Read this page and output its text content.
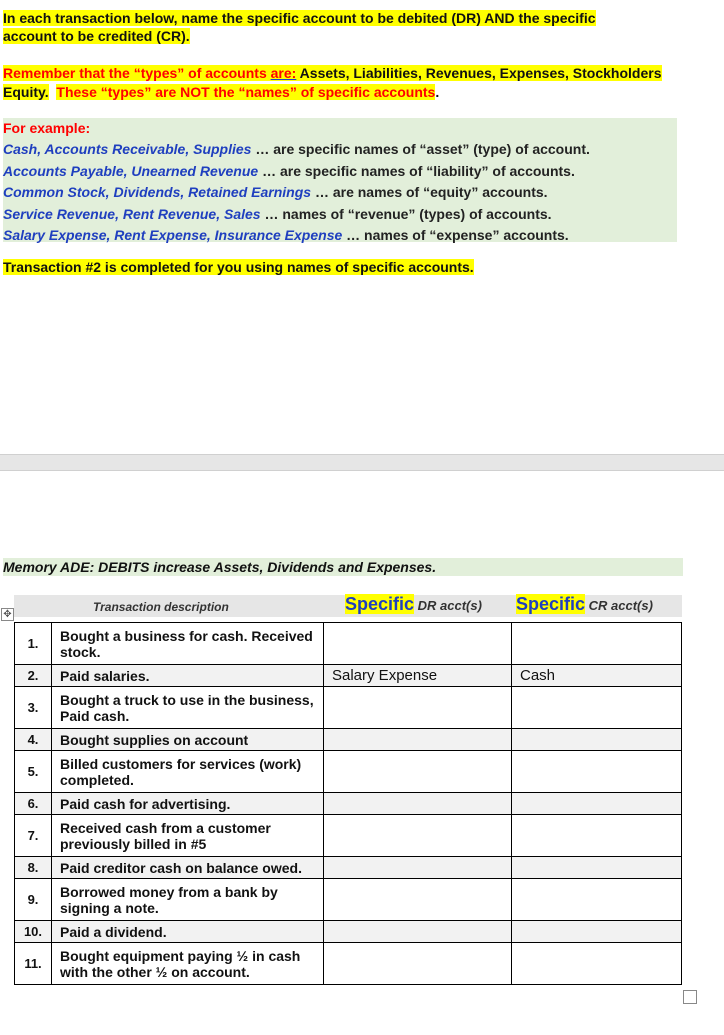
In each transaction below, name the specific account to be debited (DR) AND the specific account to be credited (CR).

Remember that the “types” of accounts are: Assets, Liabilities, Revenues, Expenses, Stockholders Equity. These “types” are NOT the “names” of specific accounts.

For example:
Cash, Accounts Receivable, Supplies … are specific names of “asset” (type) of account.
Accounts Payable, Unearned Revenue … are specific names of “liability” of accounts.
Common Stock, Dividends, Retained Earnings … are names of “equity” accounts.
Service Revenue, Rent Revenue, Sales … names of “revenue” (types) of accounts.
Salary Expense, Rent Expense, Insurance Expense … names of “expense” accounts.

Transaction #2 is completed for you using names of specific accounts.

Memory ADE: DEBITS increase Assets, Dividends and Expenses.
✥
Transaction description	Specific DR acct(s) Specific CR acct(s)
1.	Bought a business for cash. Received stock.		
2.	Paid salaries.	Salary Expense	Cash
3.	Bought a truck to use in the business, Paid cash.		
4.	Bought supplies on account		
5.	Billed customers for services (work) completed.		
6.	Paid cash for advertising.		
7.	Received cash from a customer previously billed in #5		
8.	Paid creditor cash on balance owed.		
9.	Borrowed money from a bank by signing a note.		
10.	Paid a dividend.		
11.	Bought equipment paying ½ in cash with the other ½ on account.		
